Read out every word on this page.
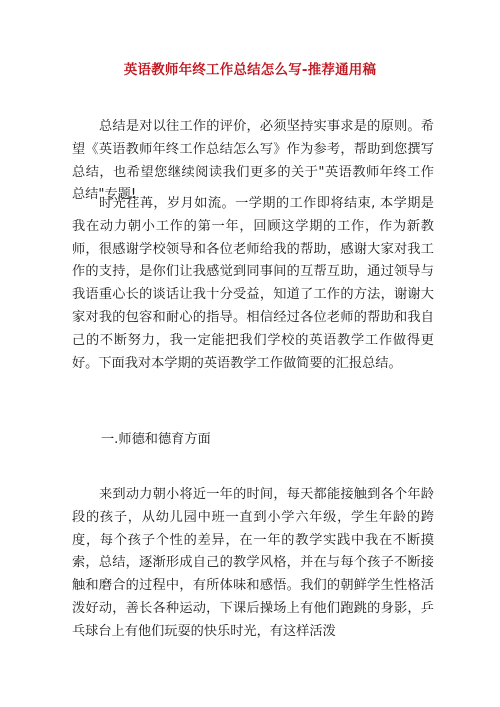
英语教师年终工作总结怎么写-推荐通用稿

总结是对以往工作的评价，必须坚持实事求是的原则。希望《英语教师年终工作总结怎么写》作为参考，帮助到您撰写总结，也希望您继续阅读我们更多的关于"英语教师年终工作总结"专题!

时光荏苒，岁月如流。一学期的工作即将结束, 本学期是我在动力朝小工作的第一年，回顾这学期的工作，作为新教师，很感谢学校领导和各位老师给我的帮助，感谢大家对我工作的支持，是你们让我感觉到同事间的互帮互助，通过领导与我语重心长的谈话让我十分受益，知道了工作的方法，谢谢大家对我的包容和耐心的指导。相信经过各位老师的帮助和我自己的不断努力，我一定能把我们学校的英语教学工作做得更好。下面我对本学期的英语教学工作做简要的汇报总结。

一.师德和德育方面

来到动力朝小将近一年的时间，每天都能接触到各个年龄段的孩子，从幼儿园中班一直到小学六年级，学生年龄的跨度，每个孩子个性的差异，在一年的教学实践中我在不断摸索，总结，逐渐形成自己的教学风格，并在与每个孩子不断接触和磨合的过程中，有所体味和感悟。我们的朝鲜学生性格活泼好动，善长各种运动，下课后操场上有他们跑跳的身影，乒乓球台上有他们玩耍的快乐时光，有这样活泼
